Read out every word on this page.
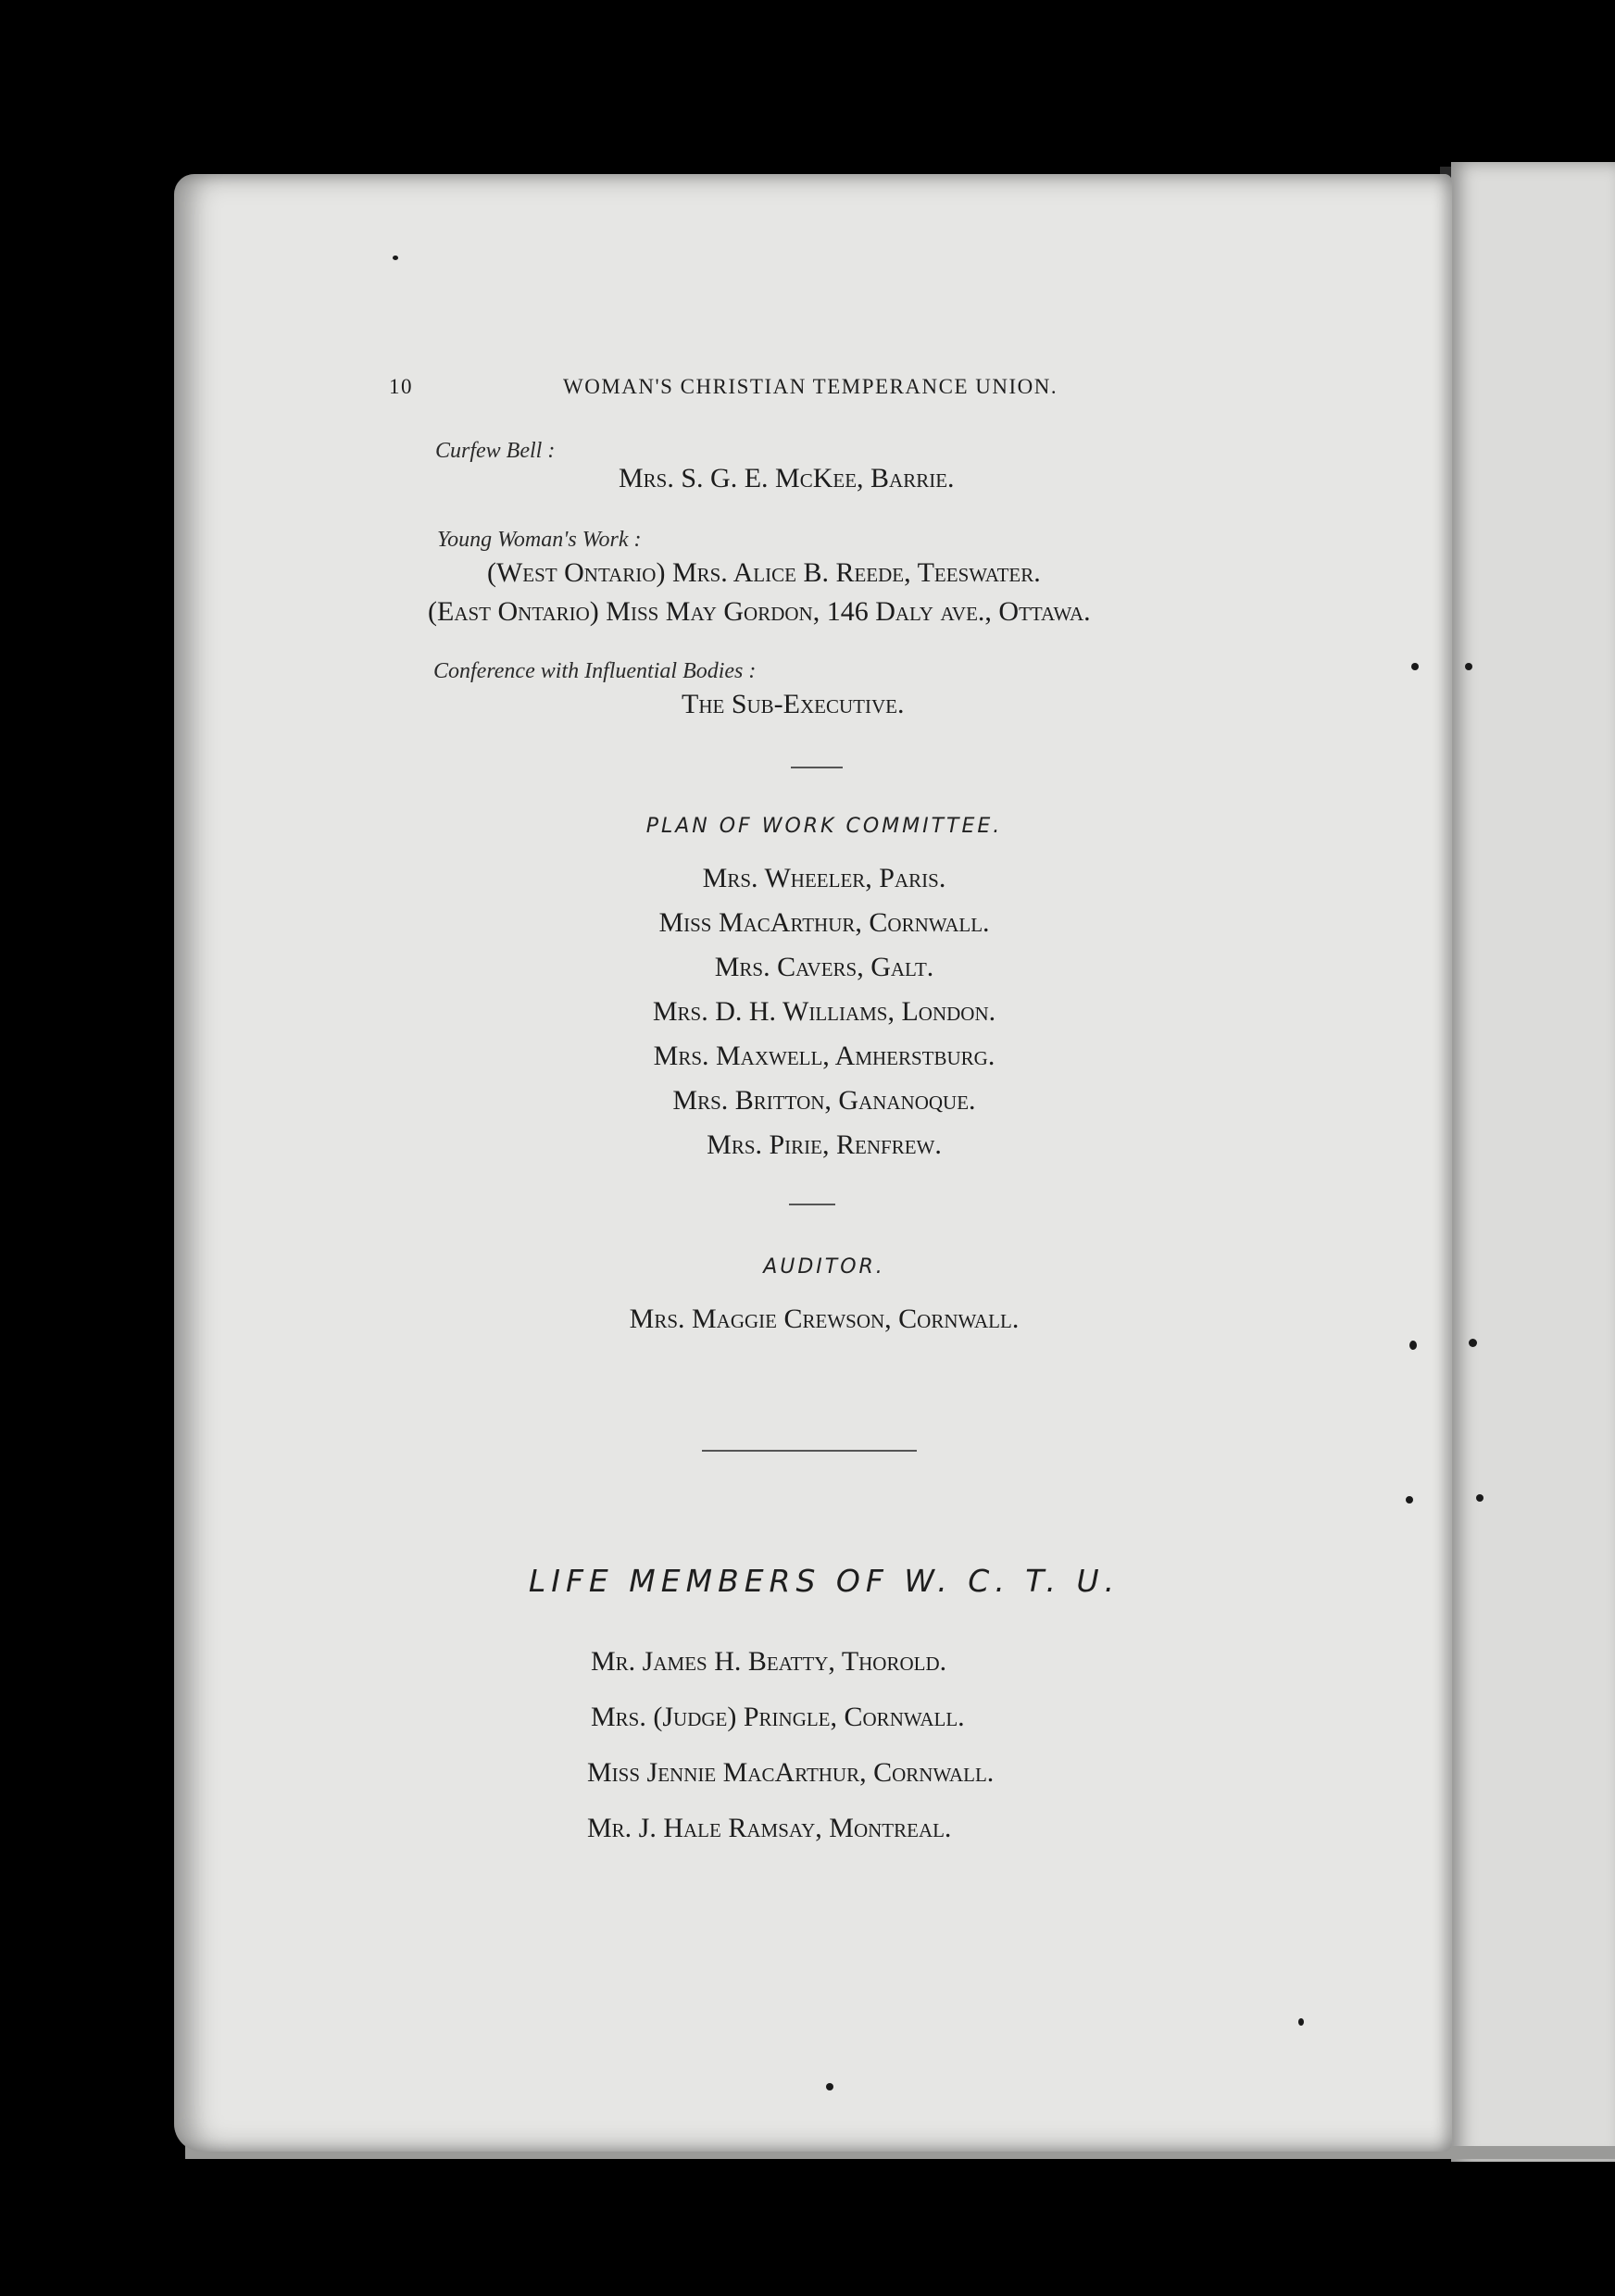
10	WOMAN'S CHRISTIAN TEMPERANCE UNION.
Curfew Bell :
Mrs. S. G. E. McKee, Barrie.
Young Woman's Work :
(West Ontario) Mrs. Alice B. Reede, Teeswater.
(East Ontario) Miss May Gordon, 146 Daly ave., Ottawa.
Conference with Influential Bodies :
The Sub-Executive.
PLAN OF WORK COMMITTEE.
Mrs. Wheeler, Paris.
Miss MacArthur, Cornwall.
Mrs. Cavers, Galt.
Mrs. D. H. Williams, London.
Mrs. Maxwell, Amherstburg.
Mrs. Britton, Gananoque.
Mrs. Pirie, Renfrew.
AUDITOR.
Mrs. Maggie Crewson, Cornwall.
LIFE MEMBERS OF W. C. T. U.
Mr. James H. Beatty, Thorold.
Mrs. (Judge) Pringle, Cornwall.
Miss Jennie MacArthur, Cornwall.
Mr. J. Hale Ramsay, Montreal.
